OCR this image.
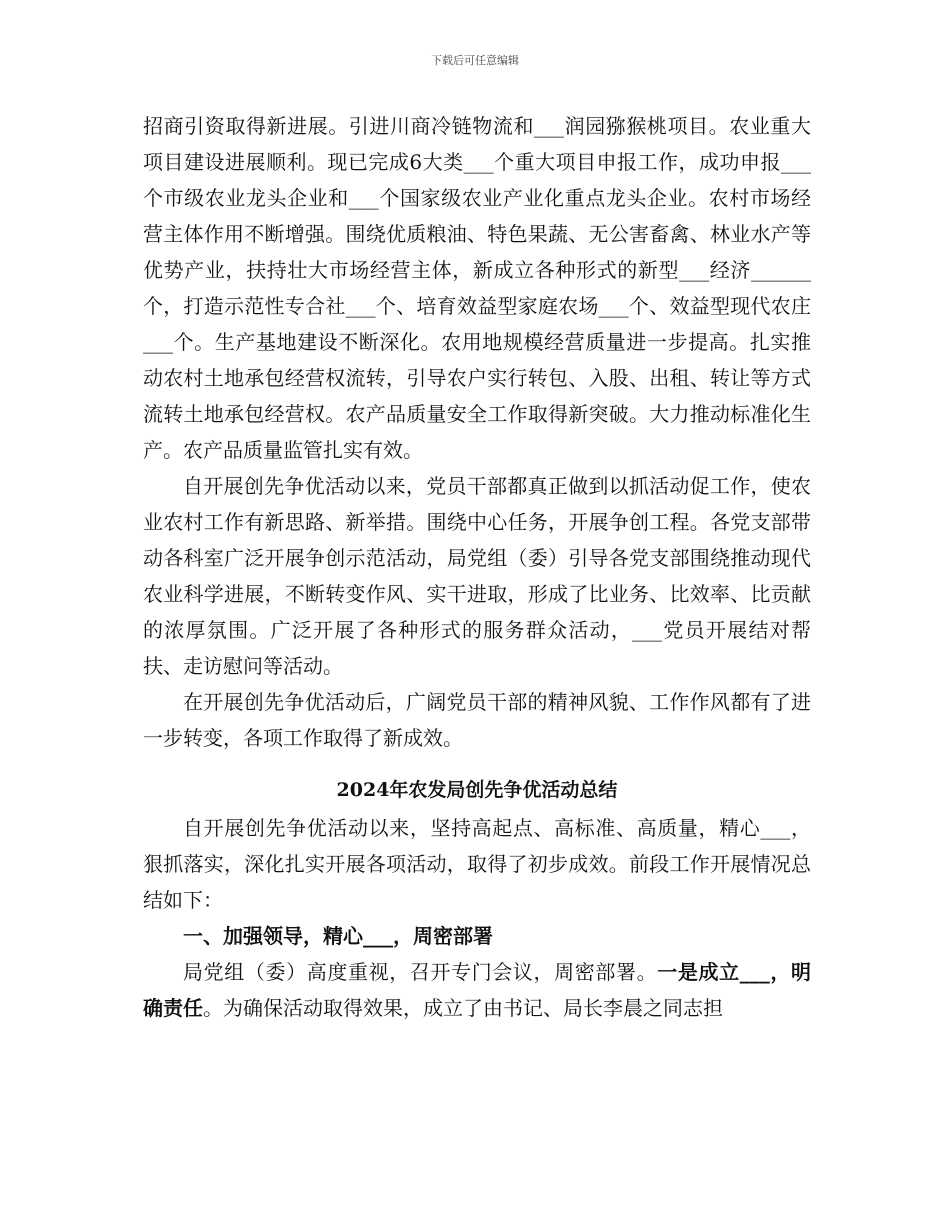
下载后可任意编辑

招商引资取得新进展。引进川商冷链物流和___润园猕猴桃项目。农业重大项目建设进展顺利。现已完成6大类___个重大项目申报工作，成功申报___个市级农业龙头企业和___个国家级农业产业化重点龙头企业。农村市场经营主体作用不断增强。围绕优质粮油、特色果蔬、无公害畜禽、林业水产等优势产业，扶持壮大市场经营主体，新成立各种形式的新型___经济______个，打造示范性专合社___个、培育效益型家庭农场___个、效益型现代农庄___个。生产基地建设不断深化。农用地规模经营质量进一步提高。扎实推动农村土地承包经营权流转，引导农户实行转包、入股、出租、转让等方式流转土地承包经营权。农产品质量安全工作取得新突破。大力推动标准化生产。农产品质量监管扎实有效。

自开展创先争优活动以来，党员干部都真正做到以抓活动促工作，使农业农村工作有新思路、新举措。围绕中心任务，开展争创工程。各党支部带动各科室广泛开展争创示范活动，局党组（委）引导各党支部围绕推动现代农业科学进展，不断转变作风、实干进取，形成了比业务、比效率、比贡献的浓厚氛围。广泛开展了各种形式的服务群众活动，___党员开展结对帮扶、走访慰问等活动。

在开展创先争优活动后，广阔党员干部的精神风貌、工作作风都有了进一步转变，各项工作取得了新成效。

2024年农发局创先争优活动总结

自开展创先争优活动以来，坚持高起点、高标准、高质量，精心___，狠抓落实，深化扎实开展各项活动，取得了初步成效。前段工作开展情况总结如下：

一、加强领导，精心___，周密部署

局党组（委）高度重视，召开专门会议，周密部署。一是成立___，明确责任。为确保活动取得效果，成立了由书记、局长李晨之同志担
